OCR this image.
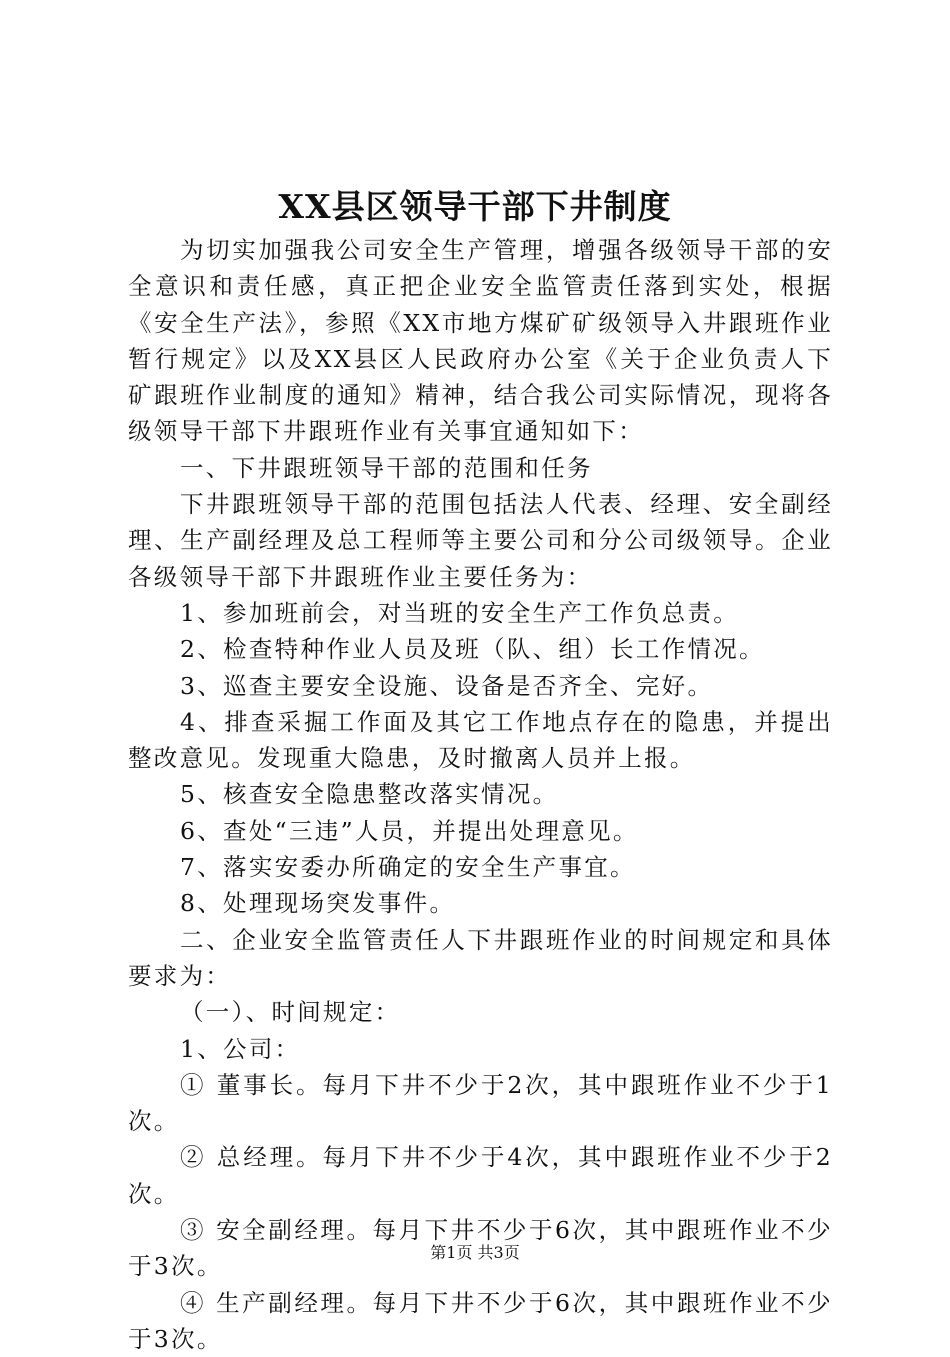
XX县区领导干部下井制度

为切实加强我公司安全生产管理，增强各级领导干部的安全意识和责任感，真正把企业安全监管责任落到实处，根据《安全生产法》，参照《XX市地方煤矿矿级领导入井跟班作业暂行规定》以及XX县区人民政府办公室《关于企业负责人下矿跟班作业制度的通知》精神，结合我公司实际情况，现将各级领导干部下井跟班作业有关事宜通知如下：

一、下井跟班领导干部的范围和任务

下井跟班领导干部的范围包括法人代表、经理、安全副经理、生产副经理及总工程师等主要公司和分公司级领导。企业各级领导干部下井跟班作业主要任务为：

1、参加班前会，对当班的安全生产工作负总责。

2、检查特种作业人员及班（队、组）长工作情况。

3、巡查主要安全设施、设备是否齐全、完好。

4、排查采掘工作面及其它工作地点存在的隐患，并提出整改意见。发现重大隐患，及时撤离人员并上报。

5、核查安全隐患整改落实情况。

6、查处“三违”人员，并提出处理意见。

7、落实安委办所确定的安全生产事宜。

8、处理现场突发事件。

二、企业安全监管责任人下井跟班作业的时间规定和具体要求为：

（一）、时间规定：

1、公司：

① 董事长。每月下井不少于2次，其中跟班作业不少于1次。

② 总经理。每月下井不少于4次，其中跟班作业不少于2次。

③ 安全副经理。每月下井不少于6次，其中跟班作业不少于3次。

④ 生产副经理。每月下井不少于6次，其中跟班作业不少于3次。

第1页 共3页
